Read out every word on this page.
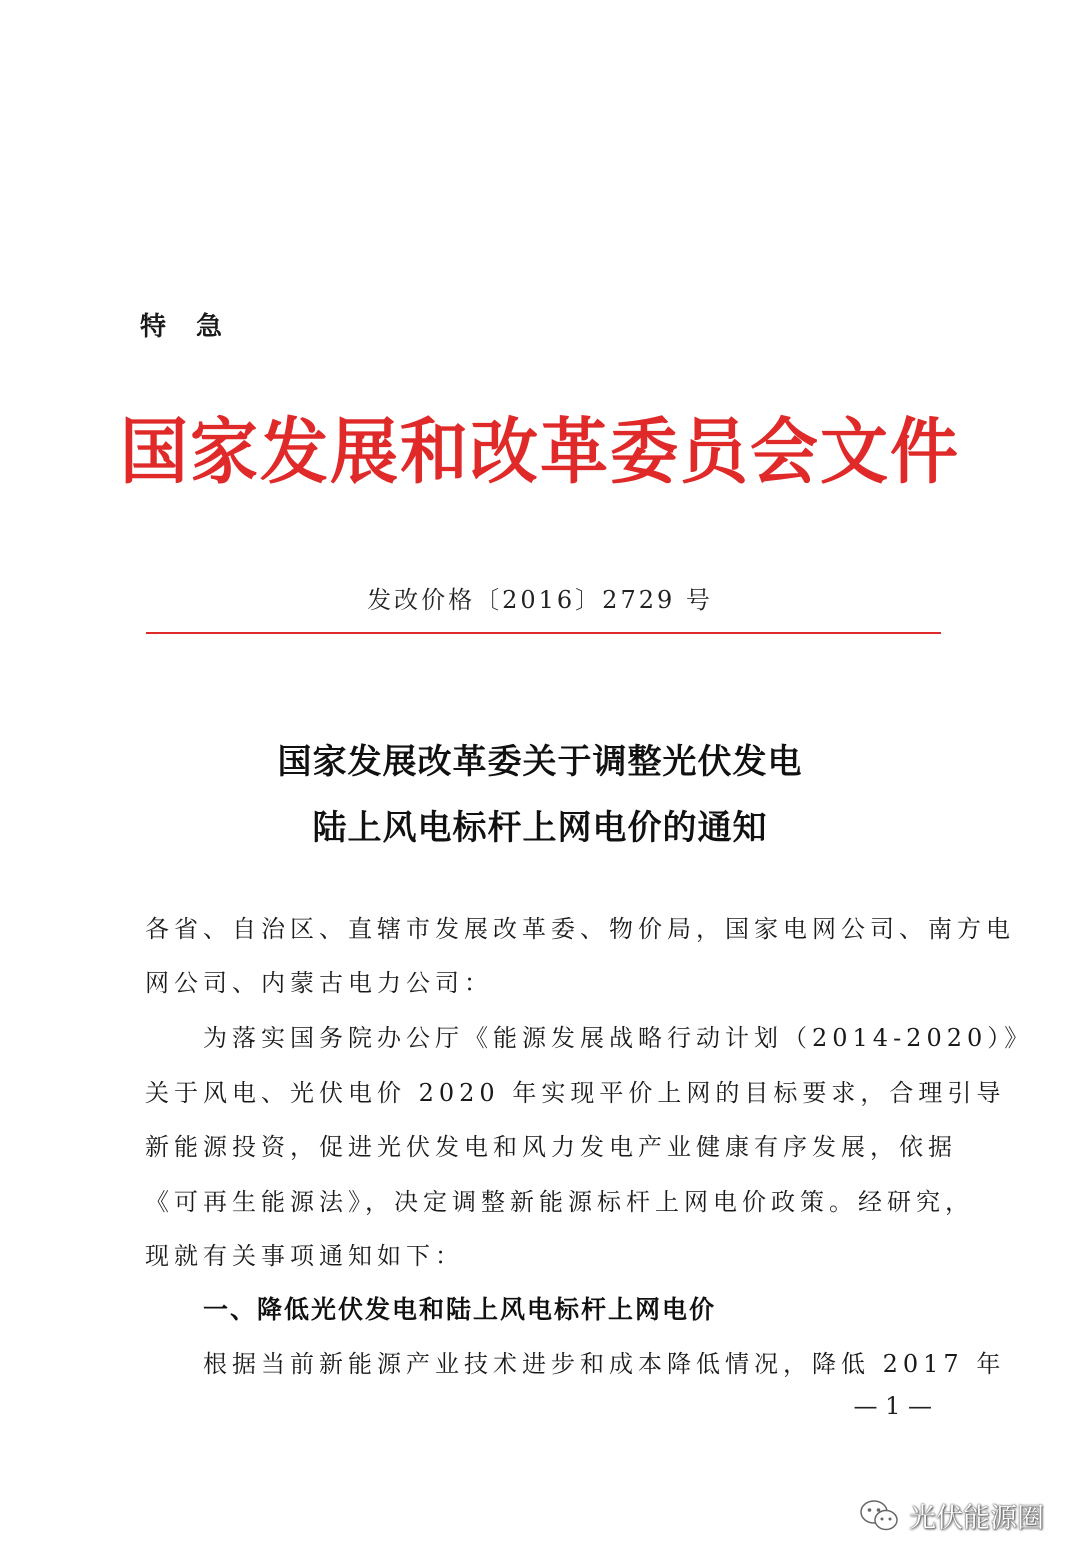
特急
国家发展和改革委员会文件
发改价格〔2016〕2729 号
国家发展改革委关于调整光伏发电
陆上风电标杆上网电价的通知
各省、自治区、直辖市发展改革委、物价局，国家电网公司、南方电
网公司、内蒙古电力公司：
为落实国务院办公厅《能源发展战略行动计划（2014-2020）》
关于风电、光伏电价 2020 年实现平价上网的目标要求，合理引导
新能源投资，促进光伏发电和风力发电产业健康有序发展，依据
《可再生能源法》，决定调整新能源标杆上网电价政策。经研究，
现就有关事项通知如下：
一、降低光伏发电和陆上风电标杆上网电价
根据当前新能源产业技术进步和成本降低情况，降低 2017 年
— 1 —
光伏能源圈
